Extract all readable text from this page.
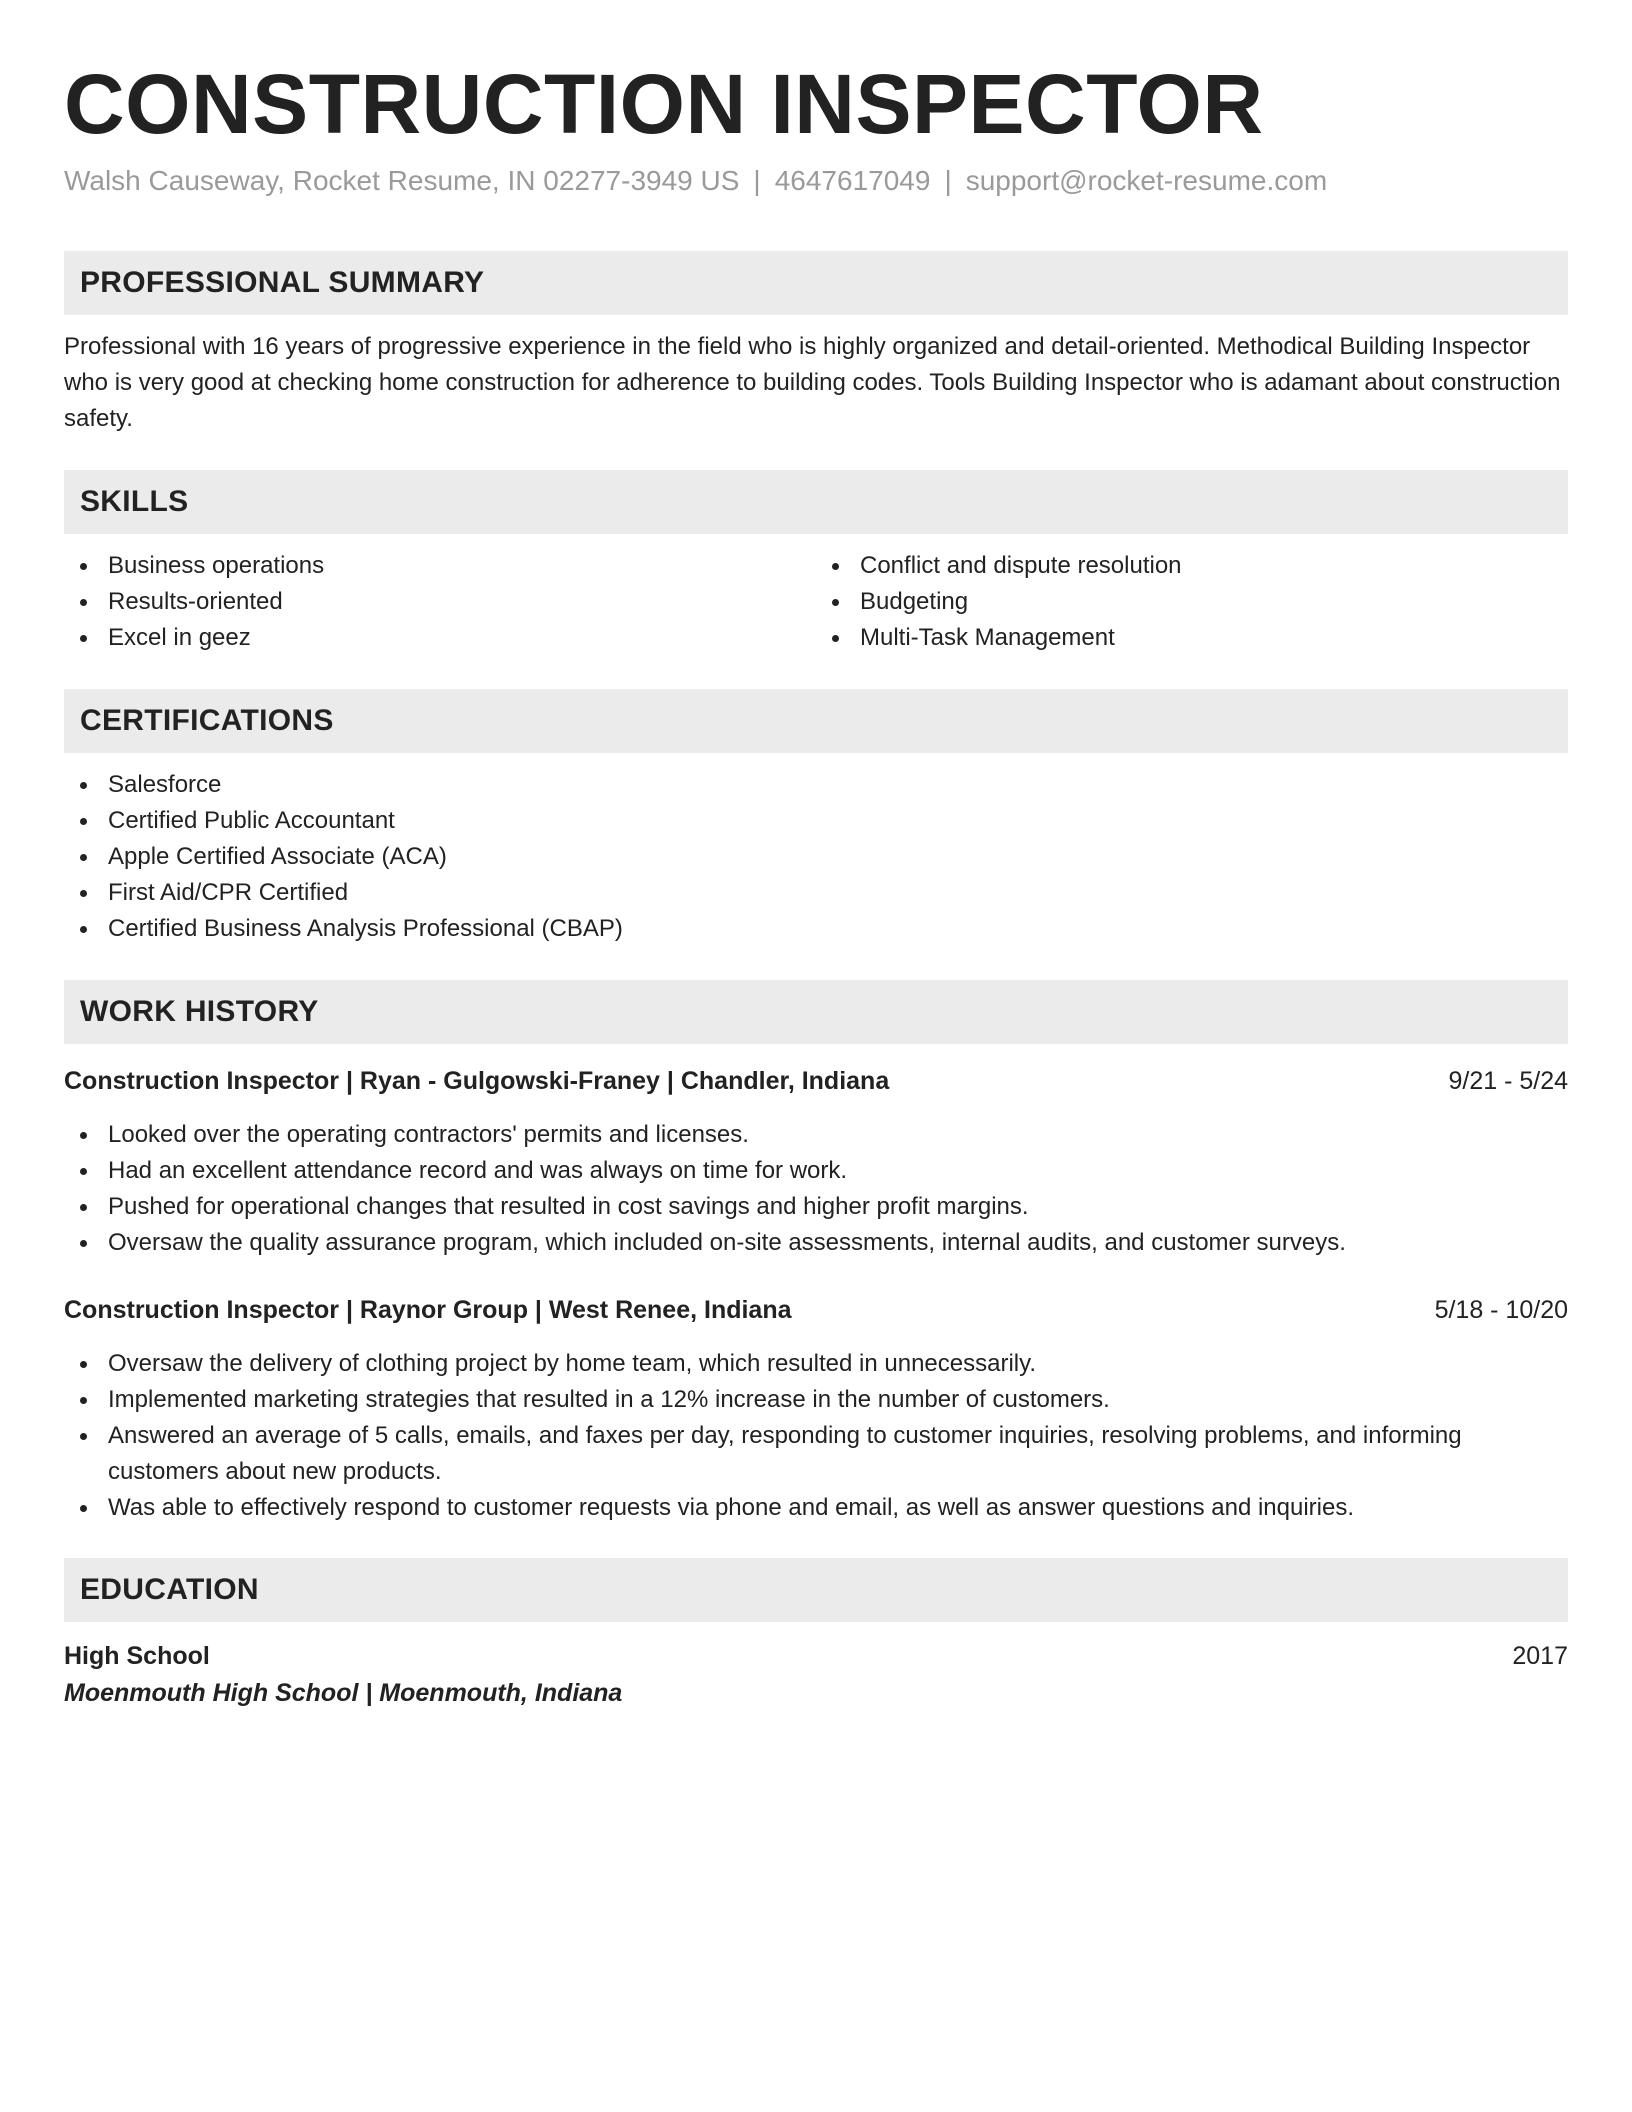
CONSTRUCTION INSPECTOR
Walsh Causeway, Rocket Resume, IN 02277-3949 US | 4647617049 | support@rocket-resume.com
PROFESSIONAL SUMMARY

Professional with 16 years of progressive experience in the field who is highly organized and detail-oriented. Methodical Building Inspector who is very good at checking home construction for adherence to building codes. Tools Building Inspector who is adamant about construction safety.

SKILLS
Business operations
Results-oriented
Excel in geez
Conflict and dispute resolution
Budgeting
Multi-Task Management
CERTIFICATIONS
Salesforce
Certified Public Accountant
Apple Certified Associate (ACA)
First Aid/CPR Certified
Certified Business Analysis Professional (CBAP)
WORK HISTORY
Construction Inspector | Ryan - Gulgowski-Franey | Chandler, Indiana	9/21 - 5/24
Looked over the operating contractors' permits and licenses.
Had an excellent attendance record and was always on time for work.
Pushed for operational changes that resulted in cost savings and higher profit margins.
Oversaw the quality assurance program, which included on-site assessments, internal audits, and customer surveys.
Construction Inspector | Raynor Group | West Renee, Indiana	5/18 - 10/20
Oversaw the delivery of clothing project by home team, which resulted in unnecessarily.
Implemented marketing strategies that resulted in a 12% increase in the number of customers.
Answered an average of 5 calls, emails, and faxes per day, responding to customer inquiries, resolving problems, and informing customers about new products.
Was able to effectively respond to customer requests via phone and email, as well as answer questions and inquiries.
EDUCATION
High School	2017
Moenmouth High School | Moenmouth, Indiana
